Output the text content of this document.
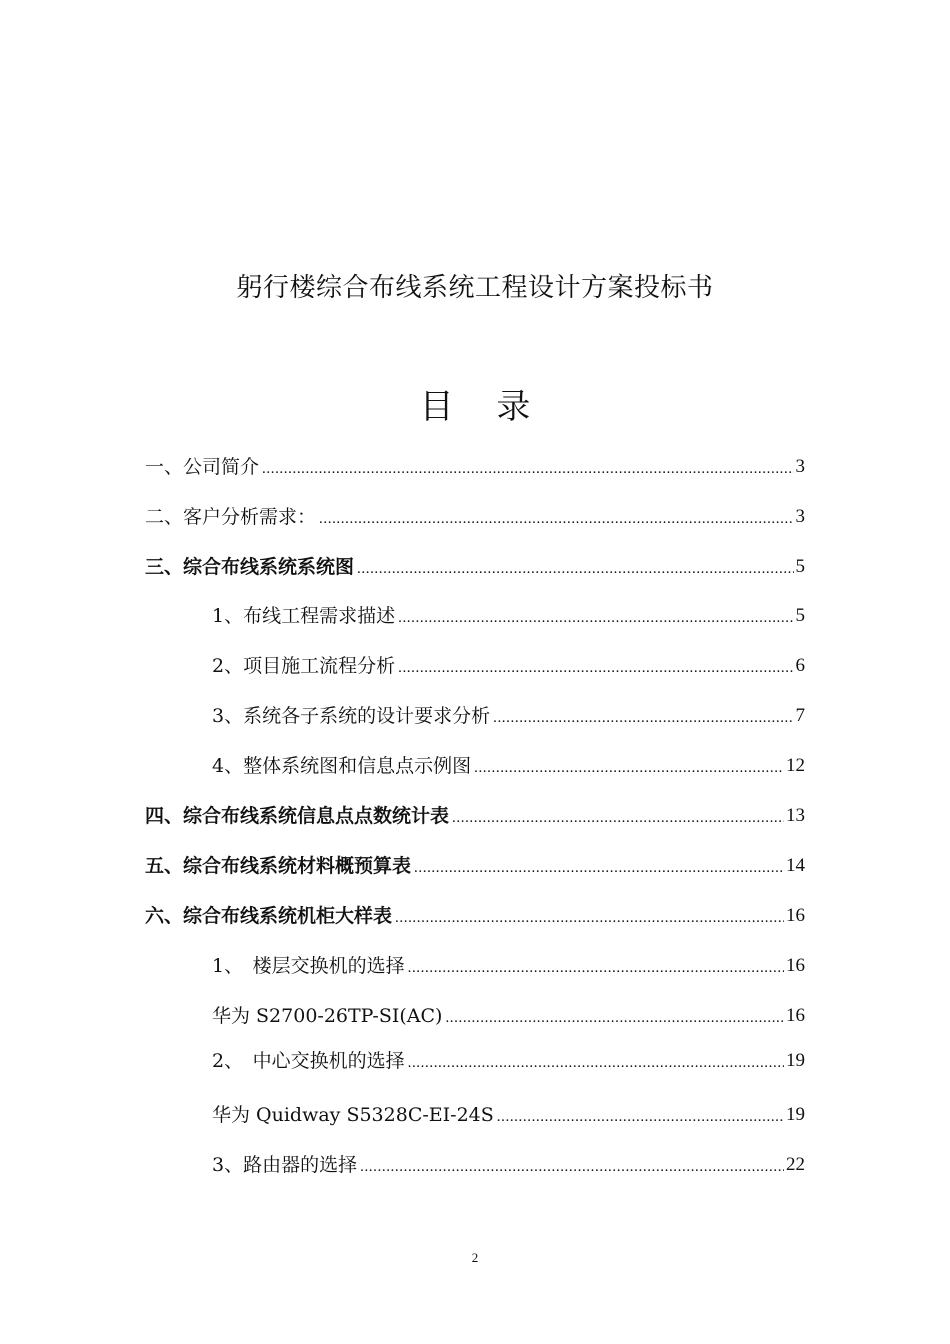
躬行楼综合布线系统工程设计方案投标书
目 录
一、公司简介 .....	3
二、客户分析需求： .....	3
三、综合布线系统系统图 .....	5
1、布线工程需求描述 .....	5
2、项目施工流程分析 .....	6
3、系统各子系统的设计要求分析 .....	7
4、整体系统图和信息点示例图 .....	12
四、综合布线系统信息点点数统计表 .....	13
五、综合布线系统材料概预算表 .....	14
六、综合布线系统机柜大样表 .....	16
1、　楼层交换机的选择 .....	16
华为 S2700-26TP-SI(AC) .....	16
2、　中心交换机的选择 .....	19
华为 Quidway S5328C-EI-24S .....	19
3、路由器的选择 .....	22
2
